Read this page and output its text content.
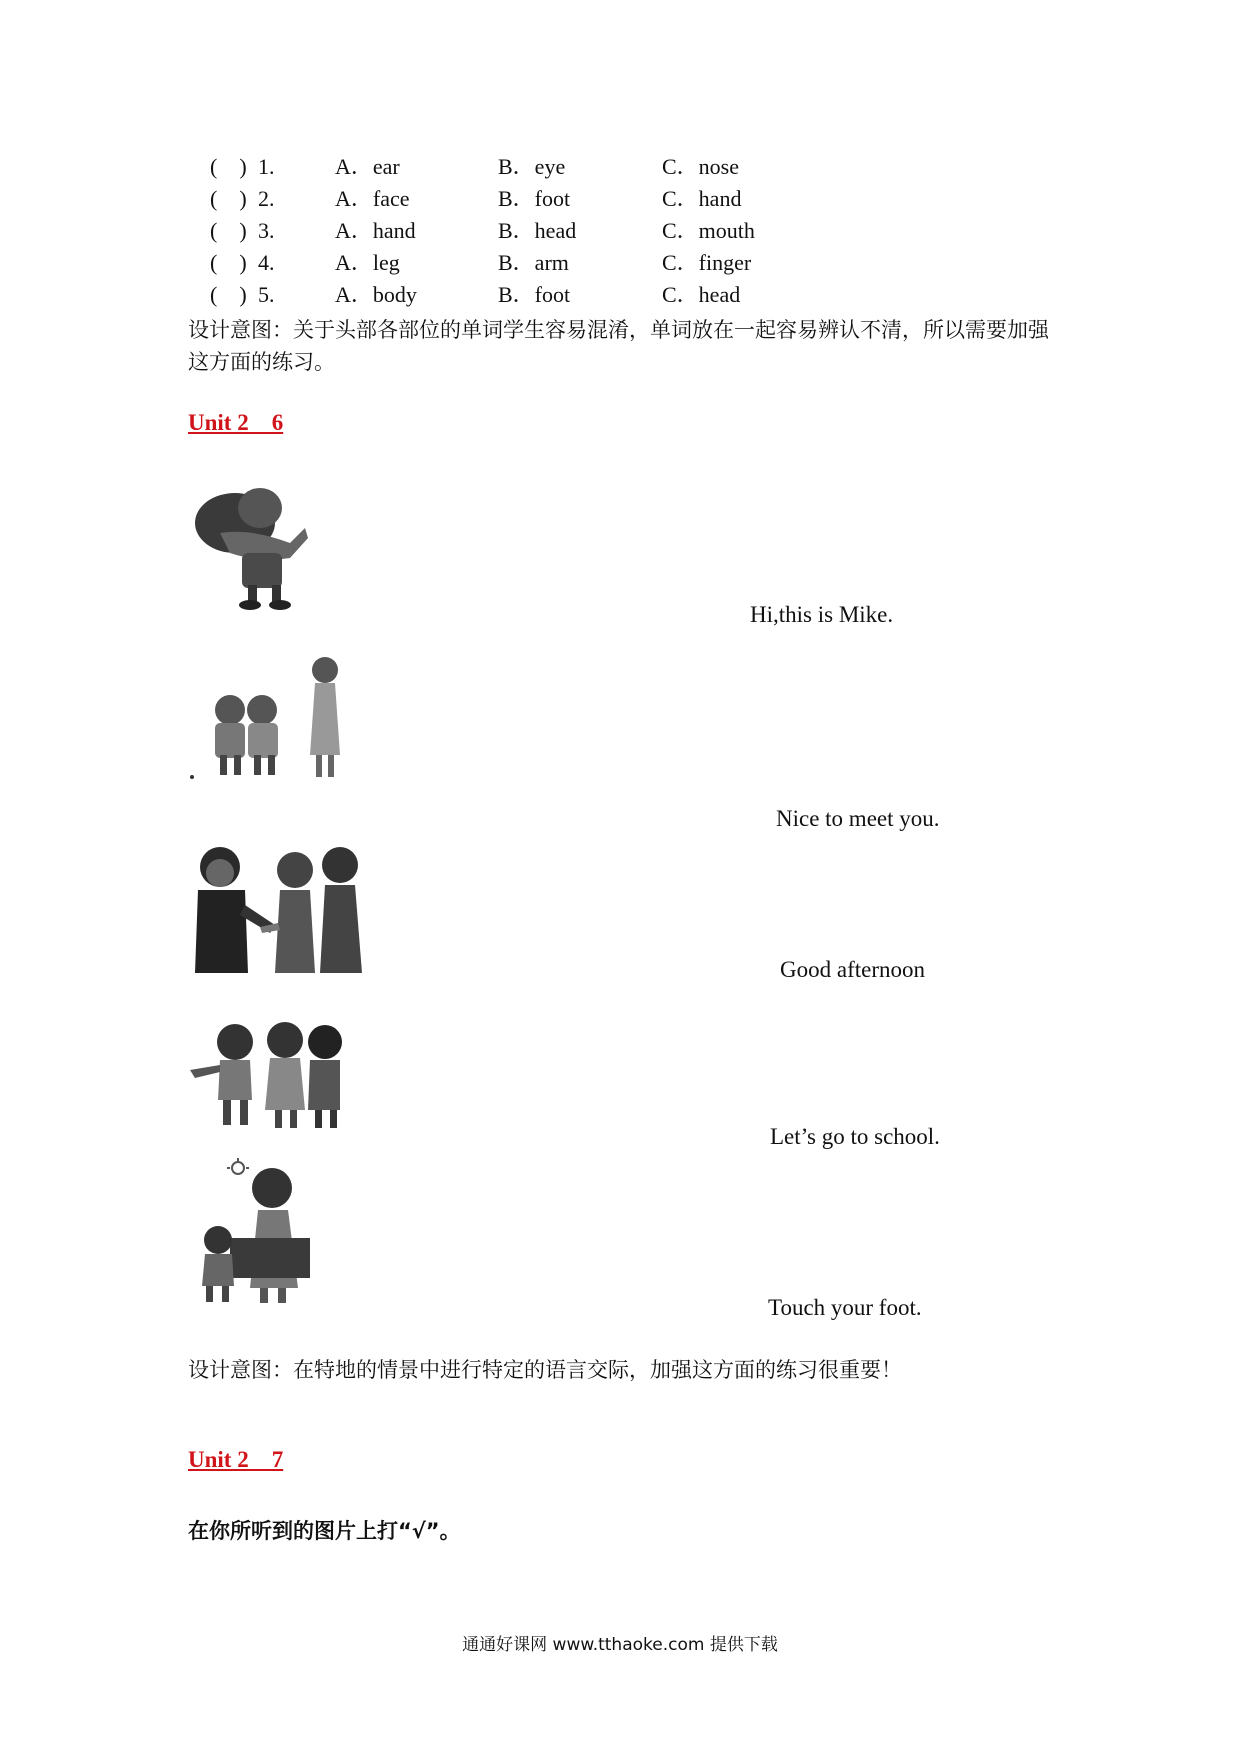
(    ) 1.	A．ear	B．eye	C．nose
(    ) 2.	A．face	B．foot	C．hand
(    ) 3.	A．hand	B．head	C．mouth
(    ) 4.	A．leg	B．arm	C．finger
(    ) 5.	A．body	B．foot	C．head
设计意图：关于头部各部位的单词学生容易混淆，单词放在一起容易辨认不清，所以需要加强这方面的练习。
Unit 2    6
Hi,this is Mike.
Nice to meet you.
Good afternoon
Let’s go to school.
Touch your foot.
设计意图：在特地的情景中进行特定的语言交际，加强这方面的练习很重要！
Unit 2    7
在你所听到的图片上打“√”。
通通好课网 www.tthaoke.com 提供下载
